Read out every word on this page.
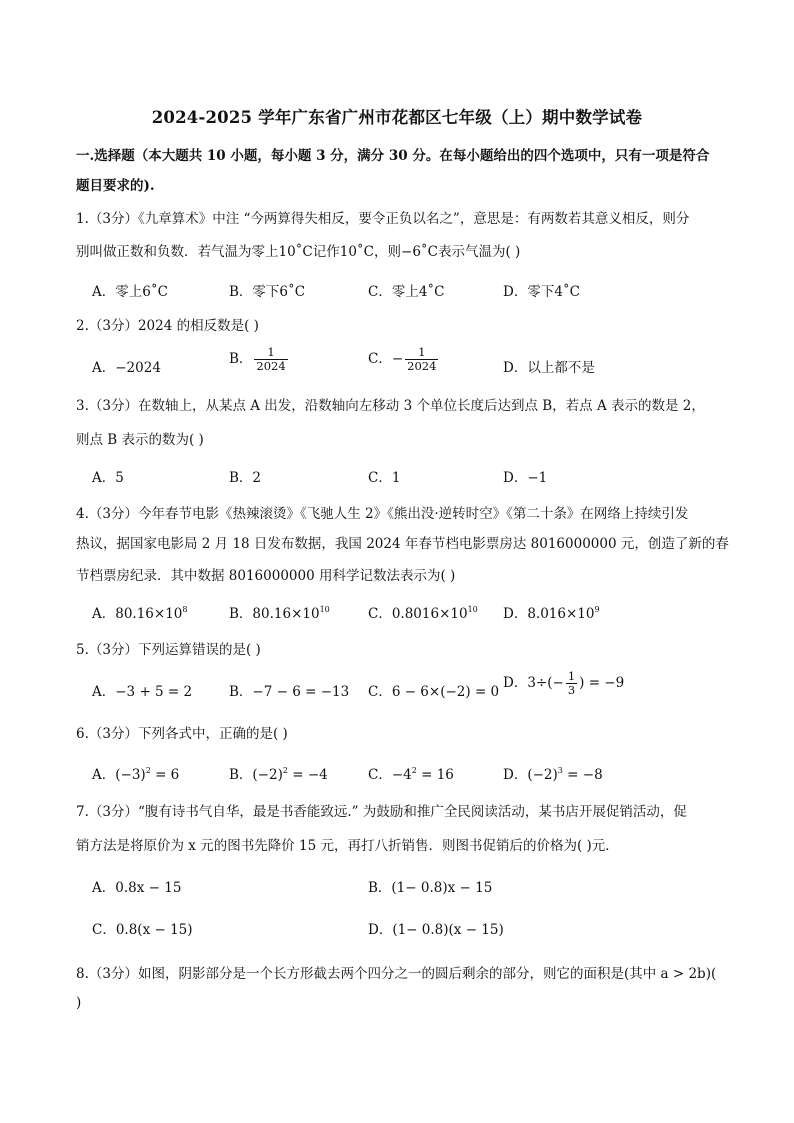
2024-2025 学年广东省广州市花都区七年级（上）期中数学试卷
一.选择题（本大题共 10 小题，每小题 3 分，满分 30 分。在每小题给出的四个选项中，只有一项是符合
题目要求的).
1.（3分）《九章算术》中注 “今两算得失相反，要令正负以名之”，意思是：有两数若其意义相反，则分
别叫做正数和负数．若气温为零上10˚C记作10˚C，则−6˚C表示气温为( )
A．零上6˚C	B．零下6˚C	C．零上4˚C	D．零下4˚C
2.（3分）2024 的相反数是( )
A．−2024
B． $\frac{1}{2024}$	C．− $\frac{1}{2024}$	D．以上都不是
3.（3分）在数轴上，从某点 A 出发，沿数轴向左移动 3 个单位长度后达到点 B，若点 A 表示的数是 2，
则点 B 表示的数为( )
A．5	B．2	C．1	D．−1
4.（3分）今年春节电影《热辣滚烫》《飞驰人生 2》《熊出没·逆转时空》《第二十条》在网络上持续引发
热议，据国家电影局 2 月 18 日发布数据，我国 2024 年春节档电影票房达 8016000000 元，创造了新的春
节档票房纪录．其中数据 8016000000 用科学记数法表示为( )
A．$80.16\times 10^8$	B．$80.16\times 10^{10}$	C．$0.8016\times 10^{10}$ D．$8.016\times 10^9$
5.（3分）下列运算错误的是( )
A．−3 + 5 = 2	B．−7 − 6 = −13 C．6 − 6×(−2) = 0
D．$3\div(- \frac{1}{3}$ ) = −9
6.（3分）下列各式中，正确的是( )
A．$(-3)^2 = 6$	B．$(-2)^2 = -4$	C．$-4^2 = 16$	D．$(-2)^3 = -8$
7.（3分）“腹有诗书气自华，最是书香能致远.” 为鼓励和推广全民阅读活动，某书店开展促销活动，促
销方法是将原价为 x 元的图书先降价 15 元，再打八折销售．则图书促销后的价格为( )元．
A．0.8x − 15	B．(1− 0.8)x − 15
C．0.8(x − 15)	D．(1− 0.8)(x − 15)
8.（3分）如图，阴影部分是一个长方形截去两个四分之一的圆后剩余的部分，则它的面积是(其中 a > 2b)(
)
